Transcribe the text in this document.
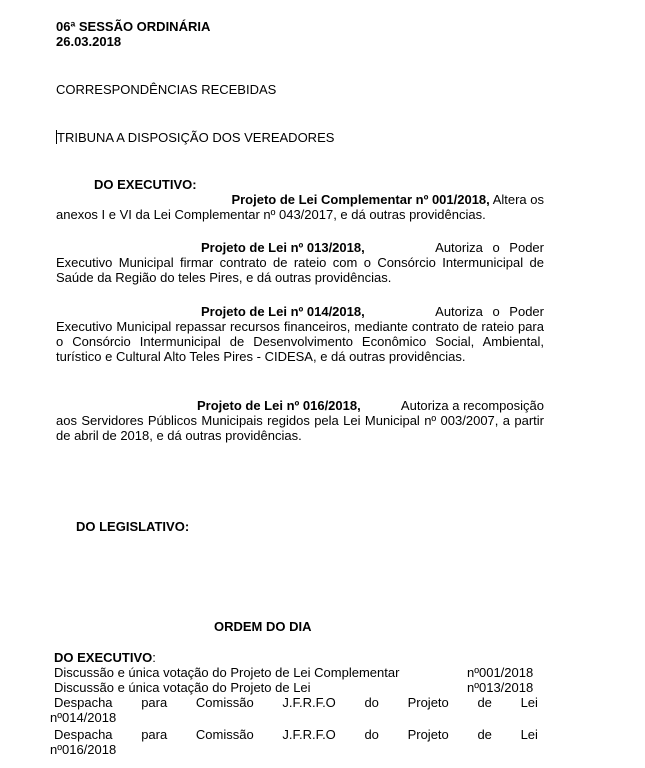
06ª SESSÃO ORDINÁRIA
26.03.2018
CORRESPONDÊNCIAS RECEBIDAS
TRIBUNA A DISPOSIÇÃO DOS VEREADORES
DO EXECUTIVO:
Projeto de Lei Complementar nº 001/2018, Altera os
anexos I e VI da Lei Complementar nº 043/2017, e dá outras providências.
Projeto de Lei nº 013/2018,	Autoriza o Poder
Executivo Municipal firmar contrato de rateio com o Consórcio Intermunicipal de Saúde da Região do teles Pires, e dá outras providências.
Projeto de Lei nº 014/2018,	Autoriza o Poder
Executivo Municipal repassar recursos financeiros, mediante contrato de rateio para o Consórcio Intermunicipal de Desenvolvimento Econômico Social, Ambiental, turístico e Cultural Alto Teles Pires - CIDESA, e dá outras providências.
Projeto de Lei nº 016/2018,	Autoriza a recomposição
aos Servidores Públicos Municipais regidos pela Lei Municipal nº 003/2007, a partir de abril de 2018, e dá outras providências.
DO LEGISLATIVO:
ORDEM DO DIA
DO EXECUTIVO:
Discussão e única votação do Projeto de Lei Complementar	nº001/2018
Discussão e única votação do Projeto de Lei	nº013/2018
Despacha para Comissão J.F.R.F.O do Projeto de Lei
nº014/2018
Despacha para Comissão J.F.R.F.O do Projeto de Lei
nº016/2018
